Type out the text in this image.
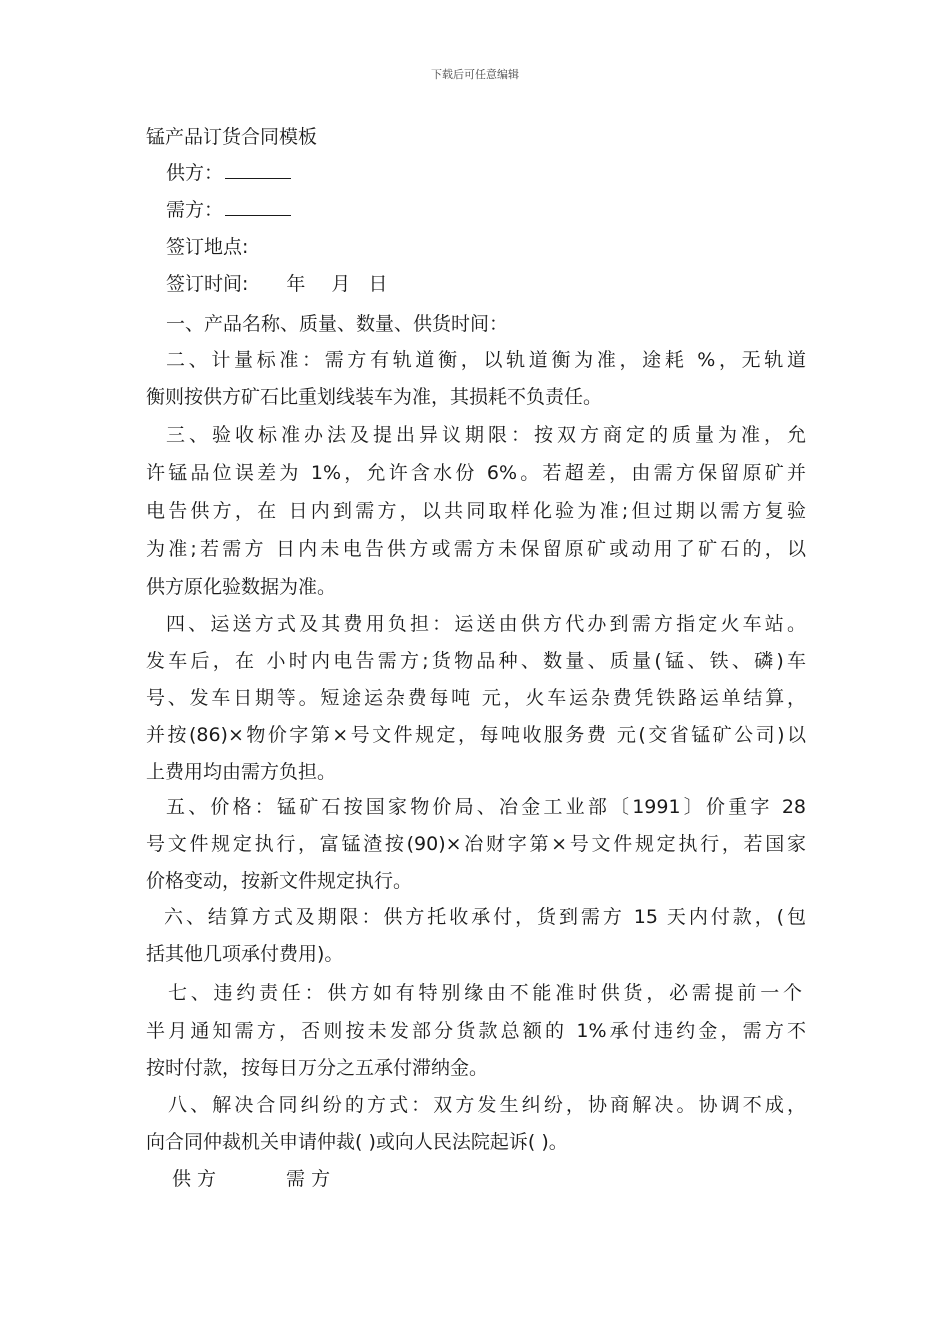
下载后可任意编辑
锰产品订货合同模板
供方：
需方：
签订地点:
签订时间: 年 月 日
一、产品名称、质量、数量、供货时间：
二、计量标准：需方有轨道衡，以轨道衡为准，途耗 %，无轨道
衡则按供方矿石比重划线装车为准，其损耗不负责任。
三、验收标准办法及提出异议期限：按双方商定的质量为准，允
许锰品位误差为 1%，允许含水份 6%。若超差，由需方保留原矿并
电告供方，在 日内到需方，以共同取样化验为准;但过期以需方复验
为准;若需方 日内未电告供方或需方未保留原矿或动用了矿石的，以
供方原化验数据为准。
四、运送方式及其费用负担：运送由供方代办到需方指定火车站。
发车后，在 小时内电告需方;货物品种、数量、质量(锰、铁、磷)车
号、发车日期等。短途运杂费每吨 元，火车运杂费凭铁路运单结算，
并按(86)×物价字第×号文件规定，每吨收服务费 元(交省锰矿公司)以
上费用均由需方负担。
五、价格：锰矿石按国家物价局、冶金工业部〔1991〕价重字 28
号文件规定执行，富锰渣按(90)×冶财字第×号文件规定执行，若国家
价格变动，按新文件规定执行。
六、结算方式及期限：供方托收承付，货到需方 15 天内付款，(包
括其他几项承付费用)。
七、违约责任：供方如有特别缘由不能准时供货，必需提前一个
半月通知需方，否则按未发部分货款总额的 1%承付违约金，需方不
按时付款，按每日万分之五承付滞纳金。
八、解决合同纠纷的方式：双方发生纠纷，协商解决。协调不成，
向合同仲裁机关申请仲裁( )或向人民法院起诉( )。
供 方	需 方
